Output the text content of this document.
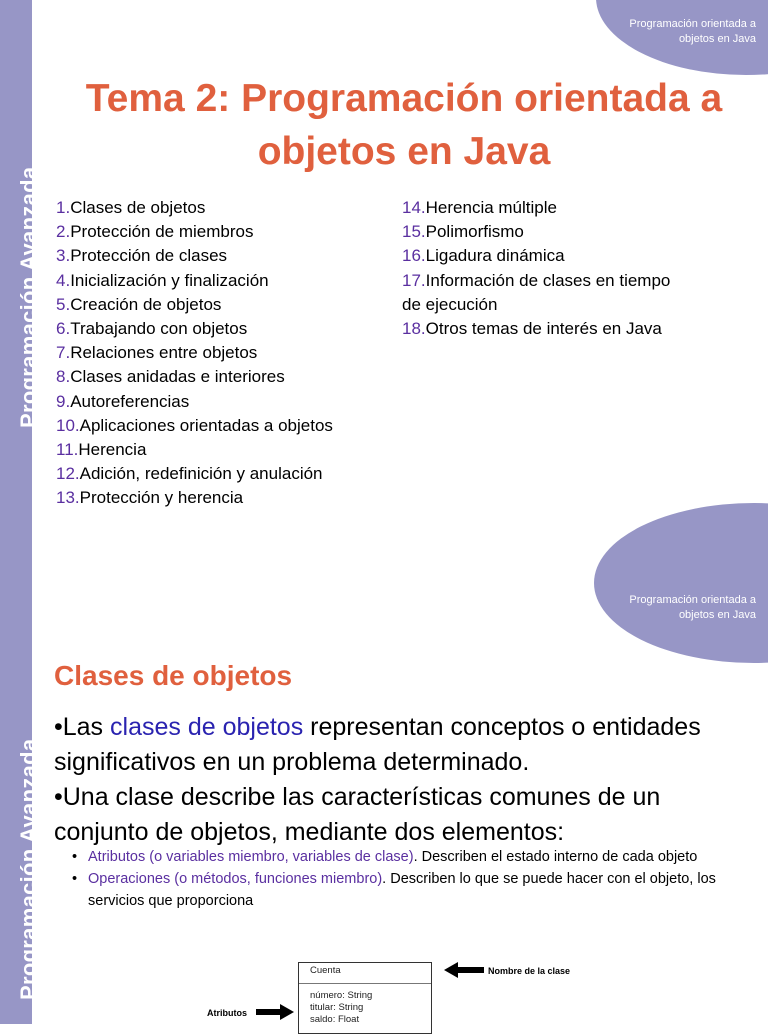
Programación Avanzada
Programación Avanzada
Programación orientada a
objetos en Java
Tema 2: Programación orientada a
objetos en Java
1.Clases de objetos
2.Protección de miembros
3.Protección de clases
4.Inicialización y finalización
5.Creación de objetos
6.Trabajando con objetos
7.Relaciones entre objetos
8.Clases anidadas e interiores
9.Autoreferencias
10.Aplicaciones orientadas a objetos
11.Herencia
12.Adición, redefinición y anulación
13.Protección y herencia
14.Herencia múltiple
15.Polimorfismo
16.Ligadura dinámica
17.Información de clases en tiempo
de ejecución
18.Otros temas de interés en Java
Programación orientada a
objetos en Java
Clases de objetos
•Las clases de objetos representan conceptos o entidades significativos en un problema determinado.
•Una clase describe las características comunes de un conjunto de objetos, mediante dos elementos:
• Atributos (o variables miembro, variables de clase). Describen el estado interno de cada objeto
• Operaciones (o métodos, funciones miembro). Describen lo que se puede hacer con el objeto, los servicios que proporciona
Cuenta
número: String
titular: String
saldo: Float
Nombre de la clase
Atributos
